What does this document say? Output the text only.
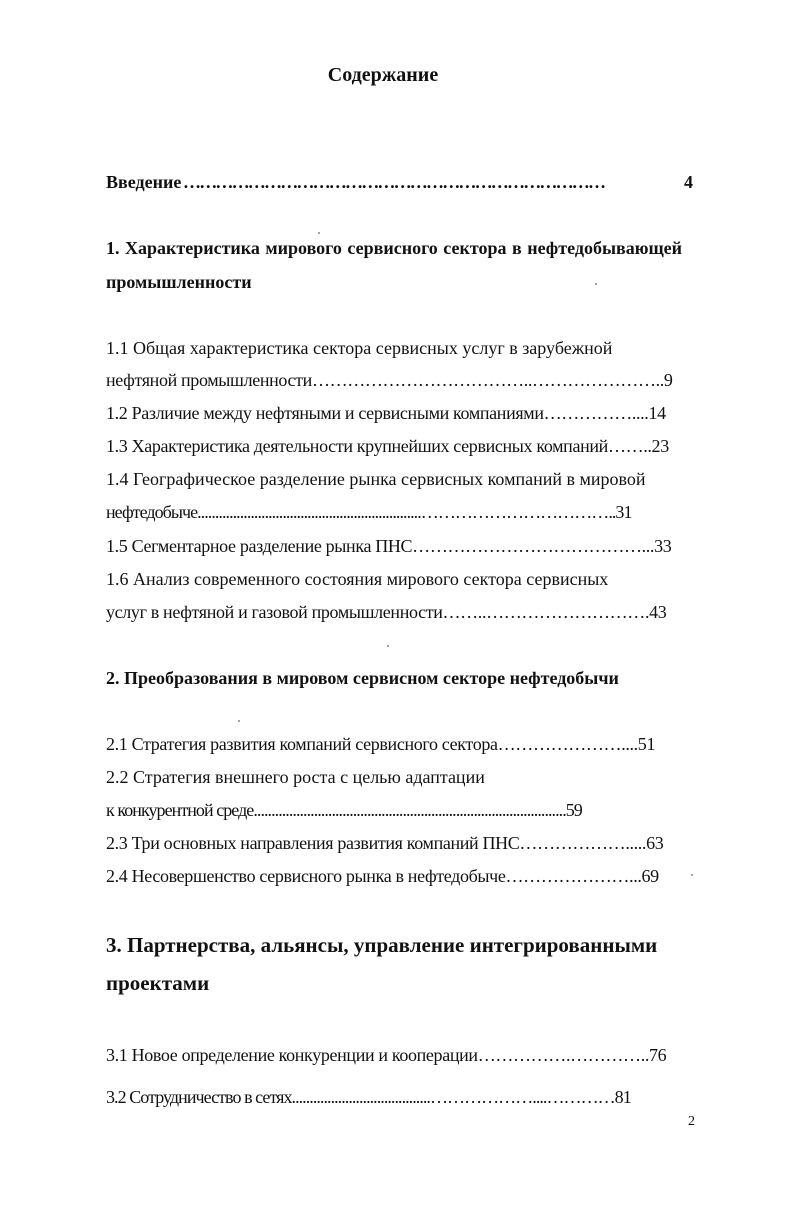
Содержание
Введение ……………………………………………………………………	4
1. Характеристика мирового сервисного сектора в нефтедобывающей
промышленности
1.1 Общая характеристика сектора сервисных услуг в зарубежной
нефтяной промышленности………………………………..…………………..9
1.2 Различие между нефтяными и сервисными компаниями……………....14
1.3 Характеристика деятельности крупнейших сервисных компаний……..23
1.4 Географическое разделение рынка сервисных компаний в мировой
нефтедобыче...............................................................……………………………..31
1.5 Сегментарное разделение рынка ПНС…………………………………...33
1.6 Анализ современного состояния мирового сектора сервисных
услуг в нефтяной и газовой промышленности……..……………………….43
2. Преобразования в мировом сервисном секторе нефтедобычи
2.1 Стратегия развития компаний сервисного сектора…………………....51
2.2 Стратегия внешнего роста с целью адаптации
к конкурентной среде........................................................................................59
2.3 Три основных направления развития компаний ПНС……………….....63
2.4 Несовершенство сервисного рынка в нефтедобыче…………………...69
3. Партнерства, альянсы, управление интегрированными
проектами
3.1 Новое определение конкуренции и кооперации…………….…………..76
3.2 Сотрудничество в сетях.......................................………………....…………81
2
